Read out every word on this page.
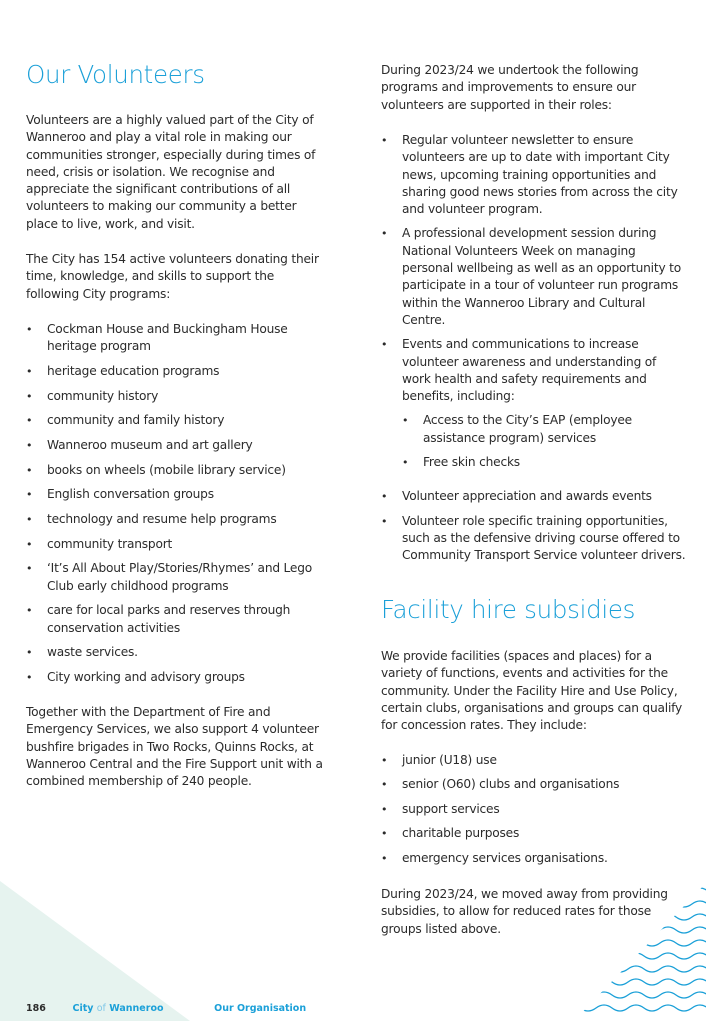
Our Volunteers

Volunteers are a highly valued part of the City of Wanneroo and play a vital role in making our communities stronger, especially during times of need, crisis or isolation. We recognise and appreciate the significant contributions of all volunteers to making our community a better place to live, work, and visit.

The City has 154 active volunteers donating their time, knowledge, and skills to support the following City programs:

• Cockman House and Buckingham House heritage program
• heritage education programs
• community history
• community and family history
• Wanneroo museum and art gallery
• books on wheels (mobile library service)
• English conversation groups
• technology and resume help programs
• community transport
• ‘It’s All About Play/Stories/Rhymes’ and Lego Club early childhood programs
• care for local parks and reserves through conservation activities
• waste services.
• City working and advisory groups

Together with the Department of Fire and Emergency Services, we also support 4 volunteer bushfire brigades in Two Rocks, Quinns Rocks, at Wanneroo Central and the Fire Support unit with a combined membership of 240 people.

During 2023/24 we undertook the following programs and improvements to ensure our volunteers are supported in their roles:

• Regular volunteer newsletter to ensure volunteers are up to date with important City news, upcoming training opportunities and sharing good news stories from across the city and volunteer program.
• A professional development session during National Volunteers Week on managing personal wellbeing as well as an opportunity to participate in a tour of volunteer run programs within the Wanneroo Library and Cultural Centre.
• Events and communications to increase volunteer awareness and understanding of work health and safety requirements and benefits, including:
• Access to the City’s EAP (employee assistance program) services
• Free skin checks
• Volunteer appreciation and awards events
• Volunteer role specific training opportunities, such as the defensive driving course offered to Community Transport Service volunteer drivers.
Facility hire subsidies

We provide facilities (spaces and places) for a variety of functions, events and activities for the community. Under the Facility Hire and Use Policy, certain clubs, organisations and groups can qualify for concession rates. They include:

• junior (U18) use
• senior (O60) clubs and organisations
• support services
• charitable purposes
• emergency services organisations.

During 2023/24, we moved away from providing subsidies, to allow for reduced rates for those groups listed above.

186	City of Wanneroo	Our Organisation
